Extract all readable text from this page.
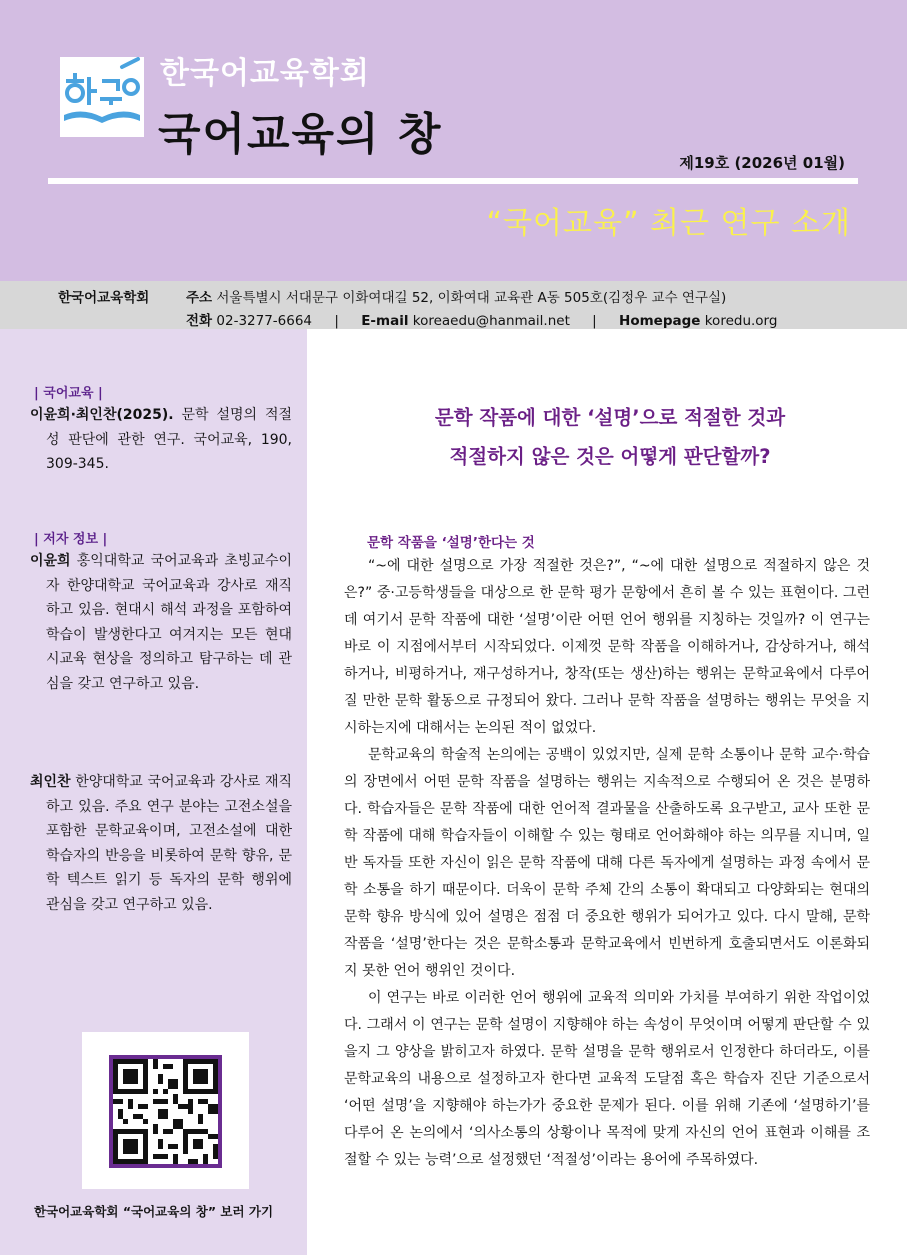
한국어교육학회
국어교육의 창
제19호 (2026년 01월)
“국어교육” 최근 연구 소개
한국어교육학회	주소 서울특별시 서대문구 이화여대길 52, 이화여대 교육관 A동 505호(김정우 교수 연구실)
전화 02-3277-6664 | E-mail koreaedu@hanmail.net | Homepage koredu.org
| 국어교육 |
이윤희·최인찬(2025). 문학 설명의 적절성 판단에 관한 연구. 국어교육, 190, 309-345.
| 저자 정보 |
이윤희 홍익대학교 국어교육과 초빙교수이자 한양대학교 국어교육과 강사로 재직하고 있음. 현대시 해석 과정을 포함하여 학습이 발생한다고 여겨지는 모든 현대시교육 현상을 정의하고 탐구하는 데 관심을 갖고 연구하고 있음.
최인찬 한양대학교 국어교육과 강사로 재직하고 있음. 주요 연구 분야는 고전소설을 포함한 문학교육이며, 고전소설에 대한 학습자의 반응을 비롯하여 문학 향유, 문학 텍스트 읽기 등 독자의 문학 행위에 관심을 갖고 연구하고 있음.
한국어교육학회 “국어교육의 창” 보러 가기
문학 작품에 대한 ‘설명’으로 적절한 것과
적절하지 않은 것은 어떻게 판단할까?
문학 작품을 ‘설명’한다는 것

“~에 대한 설명으로 가장 적절한 것은?”, “~에 대한 설명으로 적절하지 않은 것은?” 중·고등학생들을 대상으로 한 문학 평가 문항에서 흔히 볼 수 있는 표현이다. 그런데 여기서 문학 작품에 대한 ‘설명’이란 어떤 언어 행위를 지칭하는 것일까? 이 연구는 바로 이 지점에서부터 시작되었다. 이제껏 문학 작품을 이해하거나, 감상하거나, 해석하거나, 비평하거나, 재구성하거나, 창작(또는 생산)하는 행위는 문학교육에서 다루어질 만한 문학 활동으로 규정되어 왔다. 그러나 문학 작품을 설명하는 행위는 무엇을 지시하는지에 대해서는 논의된 적이 없었다.

문학교육의 학술적 논의에는 공백이 있었지만, 실제 문학 소통이나 문학 교수·학습의 장면에서 어떤 문학 작품을 설명하는 행위는 지속적으로 수행되어 온 것은 분명하다. 학습자들은 문학 작품에 대한 언어적 결과물을 산출하도록 요구받고, 교사 또한 문학 작품에 대해 학습자들이 이해할 수 있는 형태로 언어화해야 하는 의무를 지니며, 일반 독자들 또한 자신이 읽은 문학 작품에 대해 다른 독자에게 설명하는 과정 속에서 문학 소통을 하기 때문이다. 더욱이 문학 주체 간의 소통이 확대되고 다양화되는 현대의 문학 향유 방식에 있어 설명은 점점 더 중요한 행위가 되어가고 있다. 다시 말해, 문학 작품을 ‘설명’한다는 것은 문학소통과 문학교육에서 빈번하게 호출되면서도 이론화되지 못한 언어 행위인 것이다.

이 연구는 바로 이러한 언어 행위에 교육적 의미와 가치를 부여하기 위한 작업이었다. 그래서 이 연구는 문학 설명이 지향해야 하는 속성이 무엇이며 어떻게 판단할 수 있을지 그 양상을 밝히고자 하였다. 문학 설명을 문학 행위로서 인정한다 하더라도, 이를 문학교육의 내용으로 설정하고자 한다면 교육적 도달점 혹은 학습자 진단 기준으로서 ‘어떤 설명’을 지향해야 하는가가 중요한 문제가 된다. 이를 위해 기존에 ‘설명하기’를 다루어 온 논의에서 ‘의사소통의 상황이나 목적에 맞게 자신의 언어 표현과 이해를 조절할 수 있는 능력’으로 설정했던 ‘적절성’이라는 용어에 주목하였다.
